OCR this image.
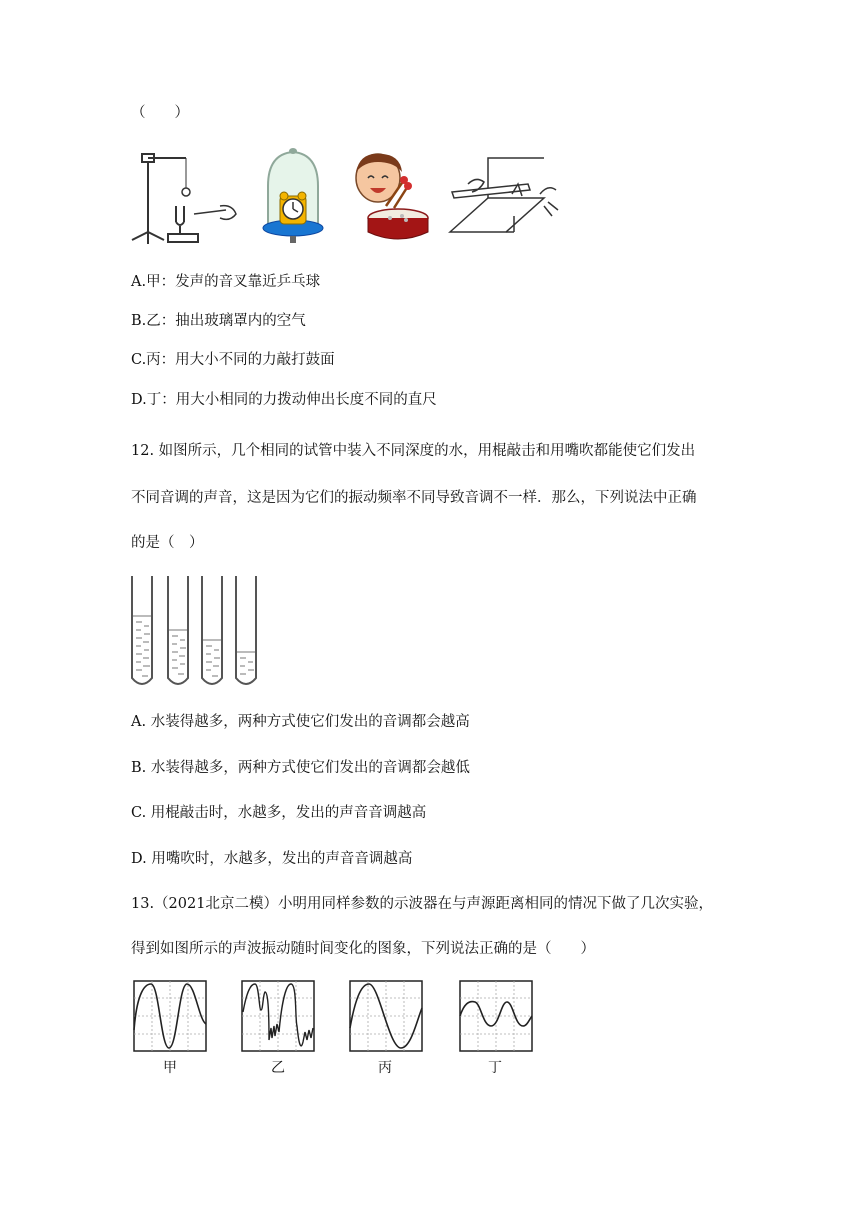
（　　）
A.甲：发声的音叉靠近乒乓球
B.乙：抽出玻璃罩内的空气
C.丙：用大小不同的力敲打鼓面
D.丁：用大小相同的力拨动伸出长度不同的直尺
12. 如图所示，几个相同的试管中装入不同深度的水，用棍敲击和用嘴吹都能使它们发出
不同音调的声音，这是因为它们的振动频率不同导致音调不一样．那么，下列说法中正确
的是（　）
A. 水装得越多，两种方式使它们发出的音调都会越高
B. 水装得越多，两种方式使它们发出的音调都会越低
C. 用棍敲击时，水越多，发出的声音音调越高
D. 用嘴吹时，水越多，发出的声音音调越高
13.（2021北京二模）小明用同样参数的示波器在与声源距离相同的情况下做了几次实验，
得到如图所示的声波振动随时间变化的图象，下列说法正确的是（　　）
甲	乙	丙	丁
